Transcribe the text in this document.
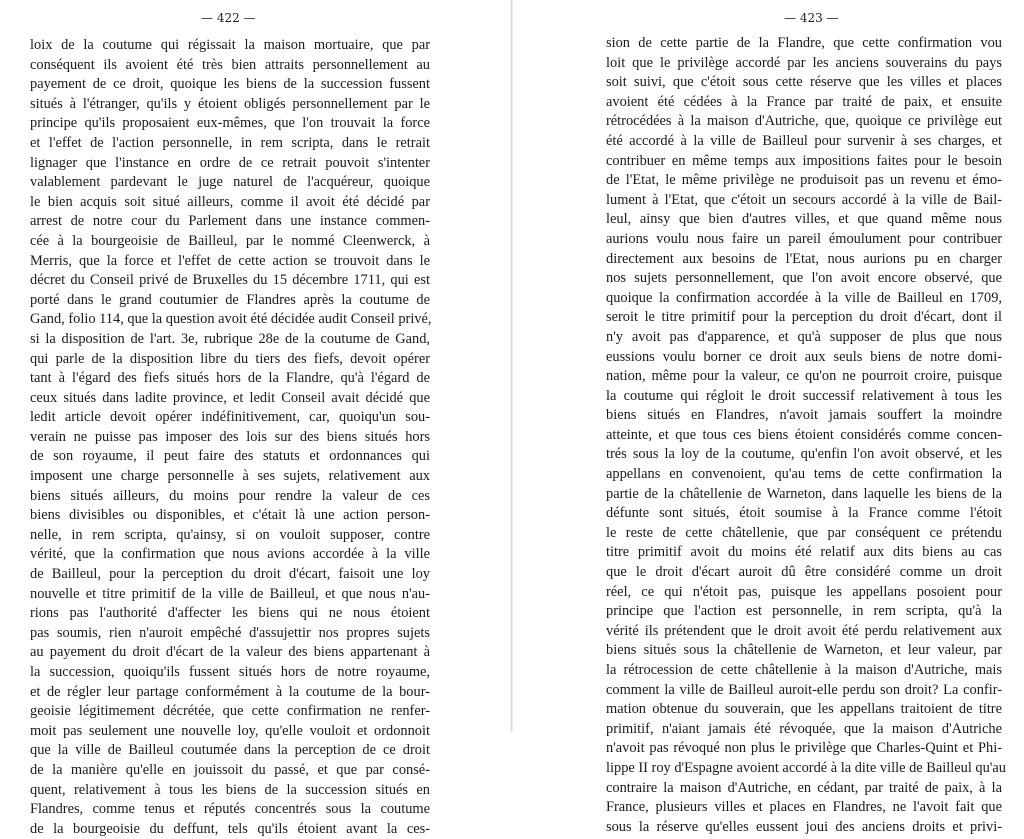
— 422 —
loix de la coutume qui régissait la maison mortuaire, que par
conséquent ils avoient été très bien attraits personnellement au
payement de ce droit, quoique les biens de la succession fussent
situés à l'étranger, qu'ils y étoient obligés personnellement par le
principe qu'ils proposaient eux-mêmes, que l'on trouvait la force
et l'effet de l'action personnelle, in rem scripta, dans le retrait
lignager que l'instance en ordre de ce retrait pouvoit s'intenter
valablement pardevant le juge naturel de l'acquéreur, quoique
le bien acquis soit situé ailleurs, comme il avoit été décidé par
arrest de notre cour du Parlement dans une instance commen-
cée à la bourgeoisie de Bailleul, par le nommé Cleenwerck, à
Merris, que la force et l'effet de cette action se trouvoit dans le
décret du Conseil privé de Bruxelles du 15 décembre 1711, qui est
porté dans le grand coutumier de Flandres après la coutume de
Gand, folio 114, que la question avoit été décidée audit Conseil privé,
si la disposition de l'art. 3e, rubrique 28e de la coutume de Gand,
qui parle de la disposition libre du tiers des fiefs, devoit opérer
tant à l'égard des fiefs situés hors de la Flandre, qu'à l'égard de
ceux situés dans ladite province, et ledit Conseil avait décidé que
ledit article devoit opérer indéfinitivement, car, quoiqu'un sou-
verain ne puisse pas imposer des lois sur des biens situés hors
de son royaume, il peut faire des statuts et ordonnances qui
imposent une charge personnelle à ses sujets, relativement aux
biens situés ailleurs, du moins pour rendre la valeur de ces
biens divisibles ou disponibles, et c'était là une action person-
nelle, in rem scripta, qu'ainsy, si on vouloit supposer, contre
vérité, que la confirmation que nous avions accordée à la ville
de Bailleul, pour la perception du droit d'écart, faisoit une loy
nouvelle et titre primitif de la ville de Bailleul, et que nous n'au-
rions pas l'authorité d'affecter les biens qui ne nous étoient
pas soumis, rien n'auroit empêché d'assujettir nos propres sujets
au payement du droit d'écart de la valeur des biens appartenant à
la succession, quoiqu'ils fussent situés hors de notre royaume,
et de régler leur partage conformément à la coutume de la bour-
geoisie légitimement décrétée, que cette confirmation ne renfer-
moit pas seulement une nouvelle loy, qu'elle vouloit et ordonnoit
que la ville de Bailleul coutumée dans la perception de ce droit
de la manière qu'elle en jouissoit du passé, et que par consé-
quent, relativement à tous les biens de la succession situés en
Flandres, comme tenus et réputés concentrés sous la coutume
de la bourgeoisie du deffunt, tels qu'ils étoient avant la ces-
— 423 —
sion de cette partie de la Flandre, que cette confirmation vou
loit que le privilège accordé par les anciens souverains du pays
soit suivi, que c'étoit sous cette réserve que les villes et places
avoient été cédées à la France par traité de paix, et ensuite
rétrocédées à la maison d'Autriche, que, quoique ce privilège eut
été accordé à la ville de Bailleul pour survenir à ses charges, et
contribuer en même temps aux impositions faites pour le besoin
de l'Etat, le même privilège ne produisoit pas un revenu et émo-
lument à l'Etat, que c'étoit un secours accordé à la ville de Bail-
leul, ainsy que bien d'autres villes, et que quand même nous
aurions voulu nous faire un pareil émoulument pour contribuer
directement aux besoins de l'Etat, nous aurions pu en charger
nos sujets personnellement, que l'on avoit encore observé, que
quoique la confirmation accordée à la ville de Bailleul en 1709,
seroit le titre primitif pour la perception du droit d'écart, dont il
n'y avoit pas d'apparence, et qu'à supposer de plus que nous
eussions voulu borner ce droit aux seuls biens de notre domi-
nation, même pour la valeur, ce qu'on ne pourroit croire, puisque
la coutume qui régloit le droit successif relativement à tous les
biens situés en Flandres, n'avoit jamais souffert la moindre
atteinte, et que tous ces biens étoient considérés comme concen-
trés sous la loy de la coutume, qu'enfin l'on avoit observé, et les
appellans en convenoient, qu'au tems de cette confirmation la
partie de la châtellenie de Warneton, dans laquelle les biens de la
défunte sont situés, étoit soumise à la France comme l'étoit
le reste de cette châtellenie, que par conséquent ce prétendu
titre primitif avoit du moins été relatif aux dits biens au cas
que le droit d'écart auroit dû être considéré comme un droit
réel, ce qui n'étoit pas, puisque les appellans posoient pour
principe que l'action est personnelle, in rem scripta, qu'à la
vérité ils prétendent que le droit avoit été perdu relativement aux
biens situés sous la châtellenie de Warneton, et leur valeur, par
la rétrocession de cette châtellenie à la maison d'Autriche, mais
comment la ville de Bailleul auroit-elle perdu son droit? La confir-
mation obtenue du souverain, que les appellans traitoient de titre
primitif, n'aiant jamais été révoquée, que la maison d'Autriche
n'avoit pas révoqué non plus le privilège que Charles-Quint et Phi-
lippe II roy d'Espagne avoient accordé à la dite ville de Bailleul qu'au
contraire la maison d'Autriche, en cédant, par traité de paix, à la
France, plusieurs villes et places en Flandres, ne l'avoit fait que
sous la réserve qu'elles eussent joui des anciens droits et privi-
